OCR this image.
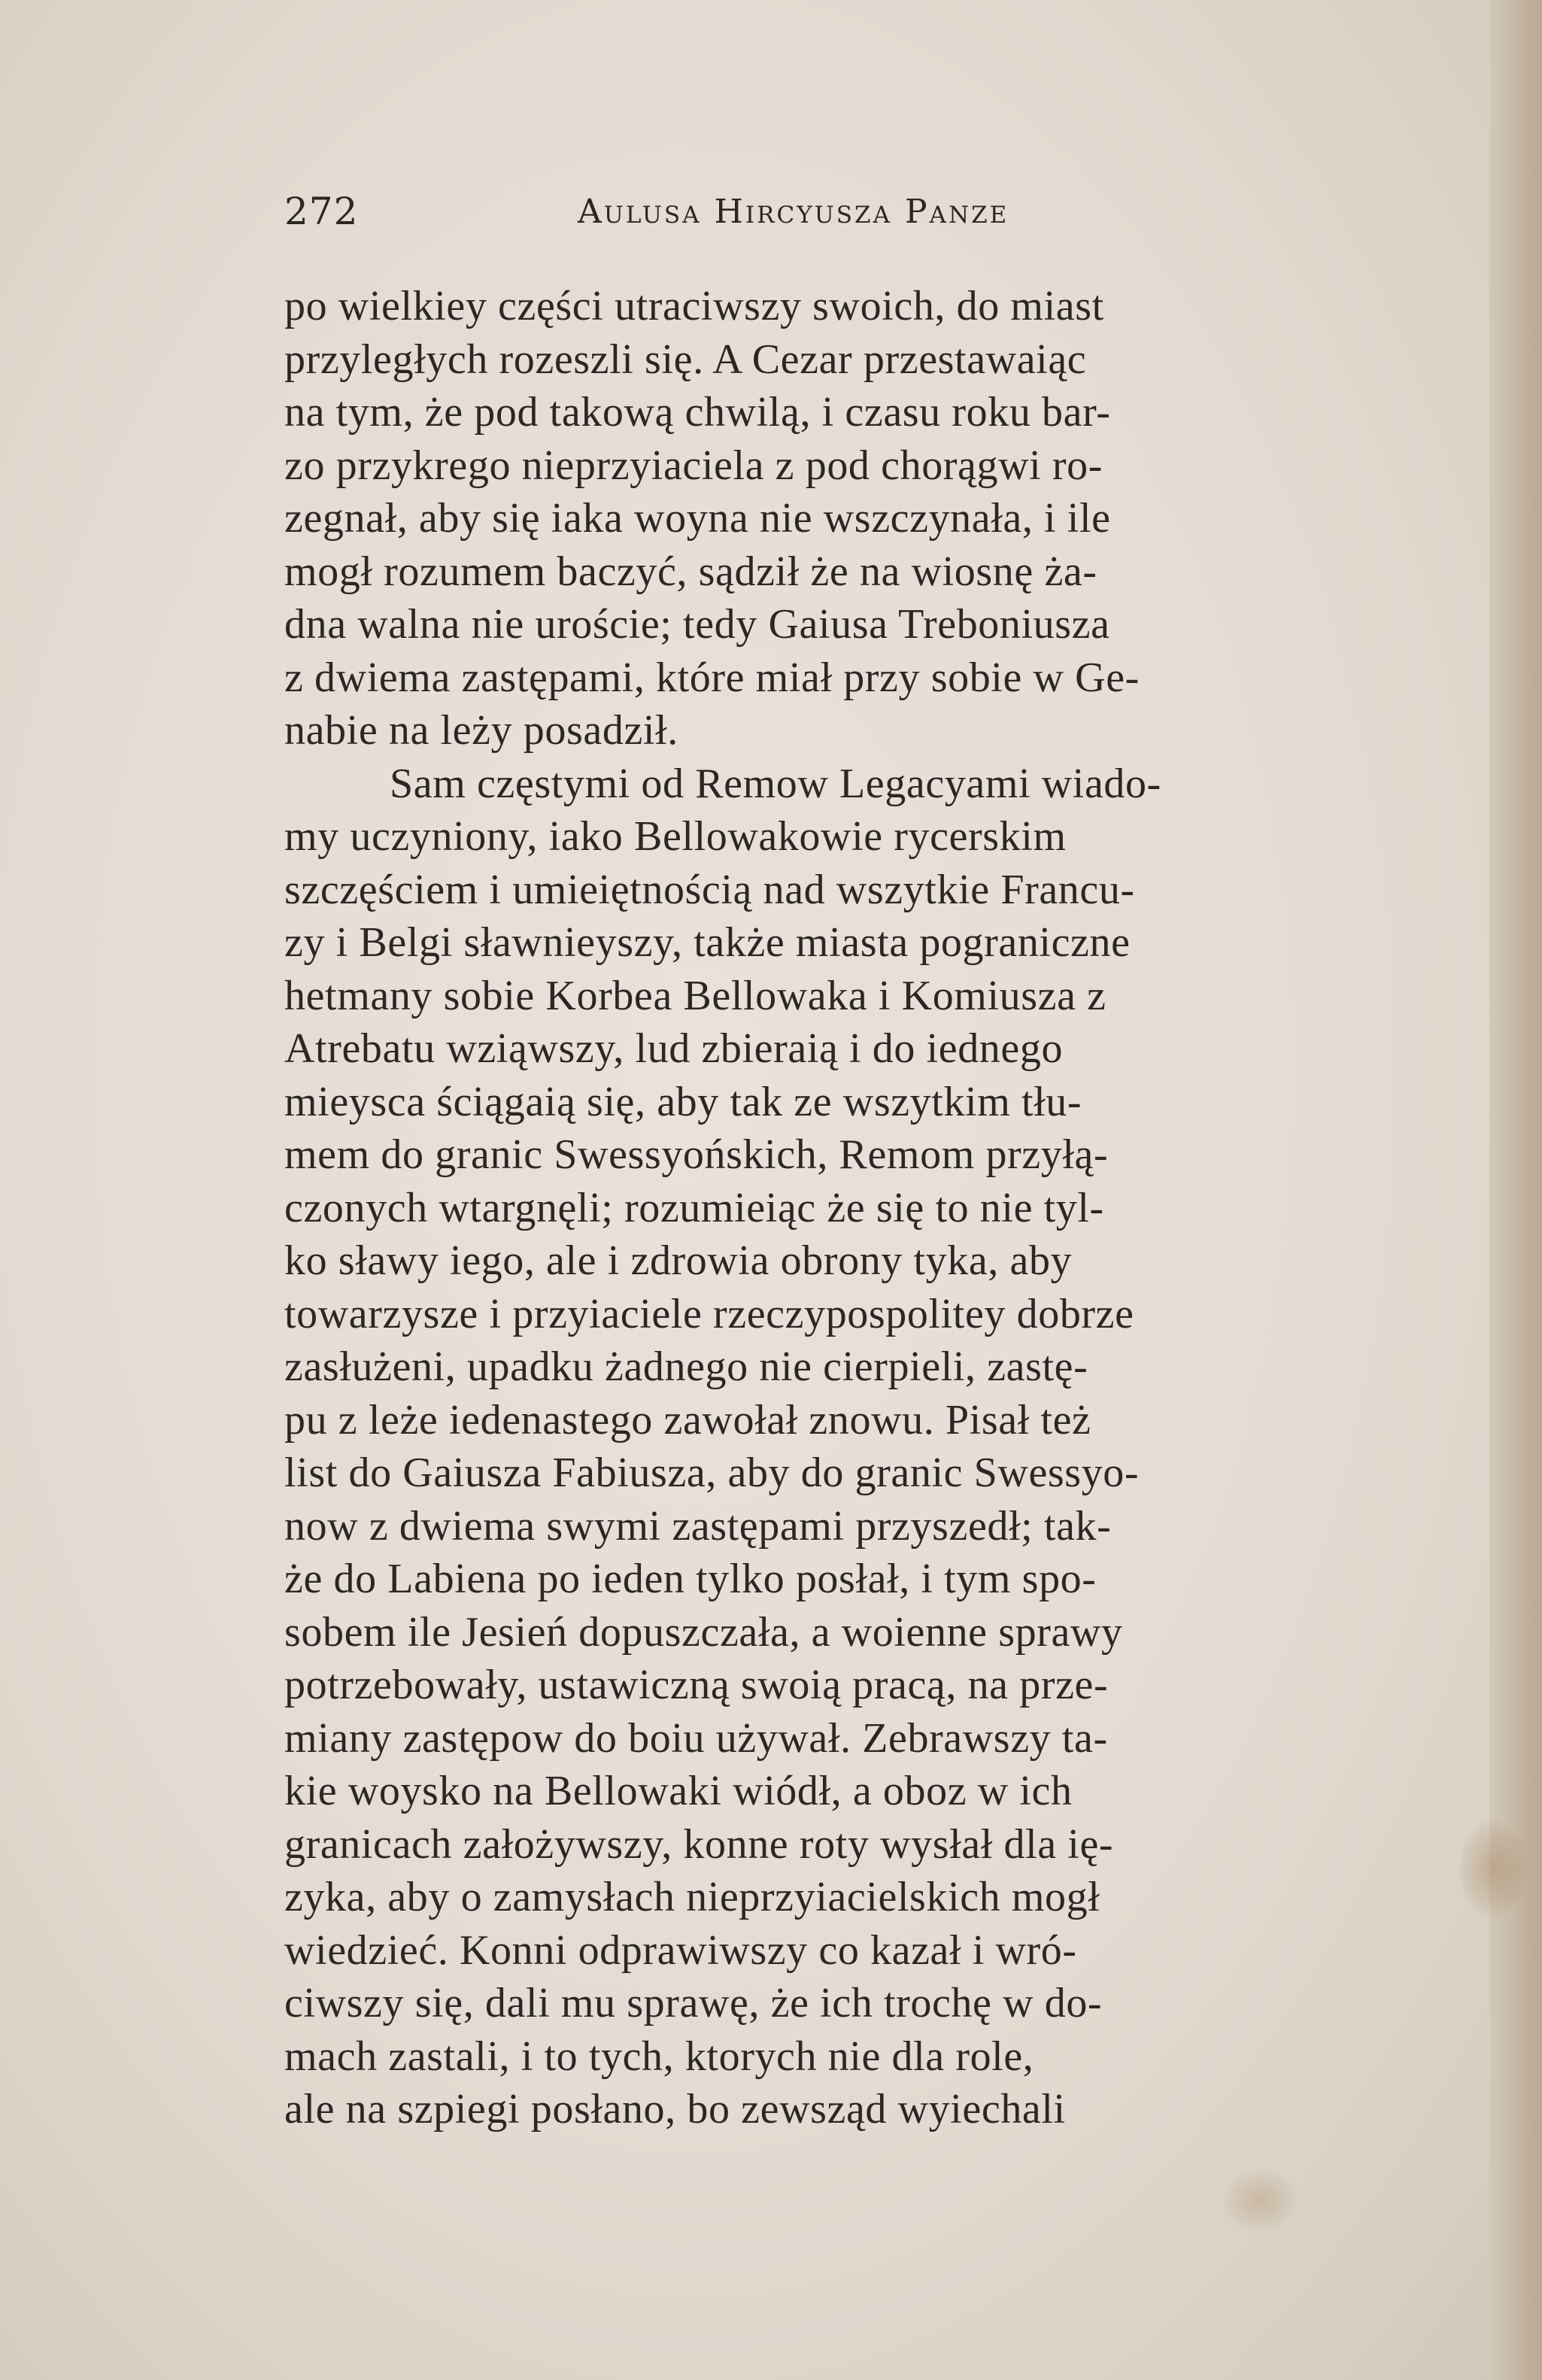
272	Aulusa Hircyusza Panze
po wielkiey części utraciwszy swoich, do miast
przyległych rozeszli się. A Cezar przestawaiąc
na tym, że pod takową chwilą, i czasu roku bar-
zo przykrego nieprzyiaciela z pod chorągwi ro-
zegnał, aby się iaka woyna nie wszczynała, i ile
mogł rozumem baczyć, sądził że na wiosnę ża-
dna walna nie uroście; tedy Gaiusa Treboniusza
z dwiema zastępami, które miał przy sobie w Ge-
nabie na leży posadził.
Sam częstymi od Remow Legacyami wiado-
my uczyniony, iako Bellowakowie rycerskim
szczęściem i umieiętnością nad wszytkie Francu-
zy i Belgi sławnieyszy, także miasta pograniczne
hetmany sobie Korbea Bellowaka i Komiusza z
Atrebatu wziąwszy, lud zbieraią i do iednego
mieysca ściągaią się, aby tak ze wszytkim tłu-
mem do granic Swessyońskich, Remom przyłą-
czonych wtargnęli; rozumieiąc że się to nie tyl-
ko sławy iego, ale i zdrowia obrony tyka, aby
towarzysze i przyiaciele rzeczypospolitey dobrze
zasłużeni, upadku żadnego nie cierpieli, zastę-
pu z leże iedenastego zawołał znowu. Pisał też
list do Gaiusza Fabiusza, aby do granic Swessyo-
now z dwiema swymi zastępami przyszedł; tak-
że do Labiena po ieden tylko posłał, i tym spo-
sobem ile Jesień dopuszczała, a woienne sprawy
potrzebowały, ustawiczną swoią pracą, na prze-
miany zastępow do boiu używał. Zebrawszy ta-
kie woysko na Bellowaki wiódł, a oboz w ich
granicach założywszy, konne roty wysłał dla ię-
zyka, aby o zamysłach nieprzyiacielskich mogł
wiedzieć. Konni odprawiwszy co kazał i wró-
ciwszy się, dali mu sprawę, że ich trochę w do-
mach zastali, i to tych, ktorych nie dla role,
ale na szpiegi posłano, bo zewsząd wyiechali
